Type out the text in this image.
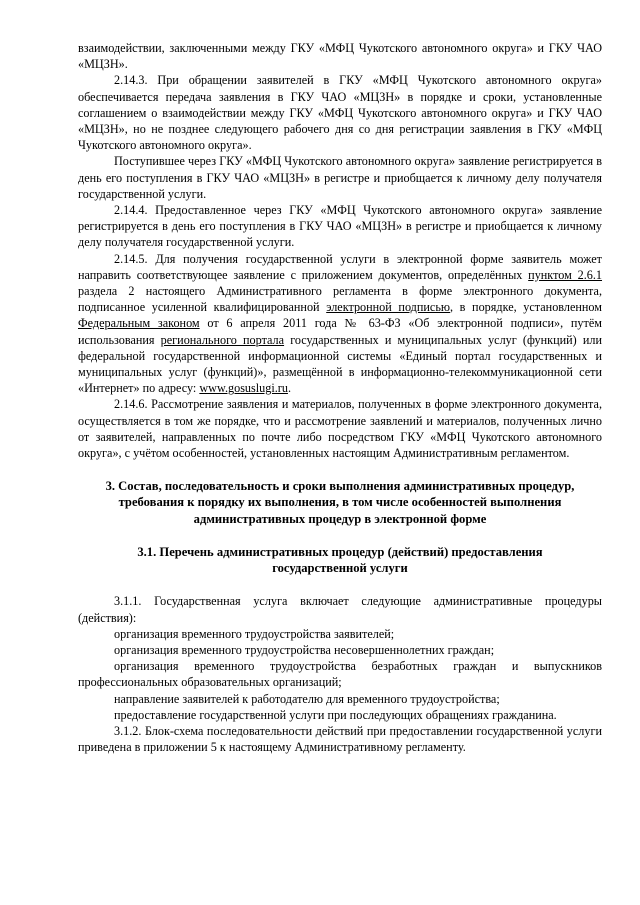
взаимодействии, заключенными между ГКУ «МФЦ Чукотского автономного округа» и ГКУ ЧАО «МЦЗН».

2.14.3. При обращении заявителей в ГКУ «МФЦ Чукотского автономного округа» обеспечивается передача заявления в ГКУ ЧАО «МЦЗН» в порядке и сроки, установленные соглашением о взаимодействии между ГКУ «МФЦ Чукотского автономного округа» и ГКУ ЧАО «МЦЗН», но не позднее следующего рабочего дня со дня регистрации заявления в ГКУ «МФЦ Чукотского автономного округа».

Поступившее через ГКУ «МФЦ Чукотского автономного округа» заявление регистрируется в день его поступления в ГКУ ЧАО «МЦЗН» в регистре и приобщается к личному делу получателя государственной услуги.

2.14.4. Предоставленное через ГКУ «МФЦ Чукотского автономного округа» заявление регистрируется в день его поступления в ГКУ ЧАО «МЦЗН» в регистре и приобщается к личному делу получателя государственной услуги.

2.14.5. Для получения государственной услуги в электронной форме заявитель может направить соответствующее заявление с приложением документов, определённых пунктом 2.6.1 раздела 2 настоящего Административного регламента в форме электронного документа, подписанное усиленной квалифицированной электронной подписью, в порядке, установленном Федеральным законом от 6 апреля 2011 года № 63-ФЗ «Об электронной подписи», путём использования регионального портала государственных и муниципальных услуг (функций) или федеральной государственной информационной системы «Единый портал государственных и муниципальных услуг (функций)», размещённой в информационно-телекоммуникационной сети «Интернет» по адресу: www.gosuslugi.ru.

2.14.6. Рассмотрение заявления и материалов, полученных в форме электронного документа, осуществляется в том же порядке, что и рассмотрение заявлений и материалов, полученных лично от заявителей, направленных по почте либо посредством ГКУ «МФЦ Чукотского автономного округа», с учётом особенностей, установленных настоящим Административным регламентом.

3. Состав, последовательность и сроки выполнения административных процедур, требования к порядку их выполнения, в том числе особенностей выполнения административных процедур в электронной форме
3.1. Перечень административных процедур (действий) предоставления государственной услуги

3.1.1. Государственная услуга включает следующие административные процедуры (действия):

организация временного трудоустройства заявителей;

организация временного трудоустройства несовершеннолетних граждан;

организация временного трудоустройства безработных граждан и выпускников профессиональных образовательных организаций;

направление заявителей к работодателю для временного трудоустройства;

предоставление государственной услуги при последующих обращениях гражданина.

3.1.2. Блок-схема последовательности действий при предоставлении государственной услуги приведена в приложении 5 к настоящему Административному регламенту.
